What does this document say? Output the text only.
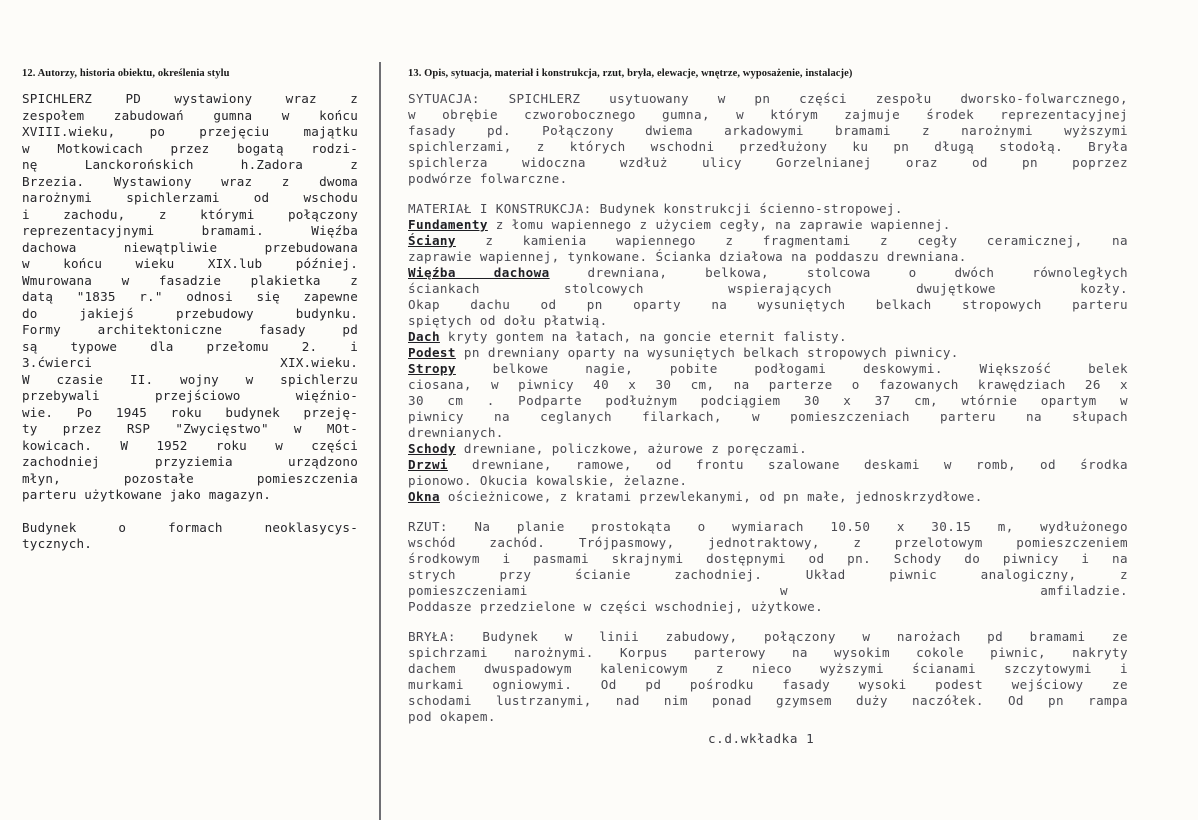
12. Autorzy, historia obiektu, określenia stylu
SPICHLERZ PD wystawiony wraz z
zespołem zabudowań gumna w końcu
XVIII.wieku, po przejęciu majątku
w Motkowicach przez bogatą rodzi-
nę Lanckorońskich h.Zadora z
Brzezia. Wystawiony wraz z dwoma
narożnymi spichlerzami od wschodu
i zachodu, z którymi połączony
reprezentacyjnymi bramami. Więźba
dachowa niewątpliwie przebudowana
w końcu wieku XIX.lub później.
Wmurowana w fasadzie plakietka z
datą "1835 r." odnosi się zapewne
do jakiejś przebudowy budynku.
Formy architektoniczne fasady pd
są typowe dla przełomu 2. i
3.ćwierci XIX.wieku.
W czasie II. wojny w spichlerzu
przebywali przejściowo więźnio-
wie. Po 1945 roku budynek przeję-
ty przez RSP "Zwycięstwo" w MOt-
kowicach. W 1952 roku w części
zachodniej przyziemia urządzono
młyn, pozostałe pomieszczenia
parteru użytkowane jako magazyn.
Budynek o formach neoklasycys-
tycznych.
13. Opis, sytuacja, materiał i konstrukcja, rzut, bryła, elewacje, wnętrze, wyposażenie, instalacje)
SYTUACJA: SPICHLERZ usytuowany w pn części zespołu dworsko-folwarcznego,
w obrębie czworobocznego gumna, w którym zajmuje środek reprezentacyjnej
fasady pd. Połączony dwiema arkadowymi bramami z narożnymi wyższymi
spichlerzami, z których wschodni przedłużony ku pn długą stodołą. Bryła
spichlerza widoczna wzdłuż ulicy Gorzelnianej oraz od pn poprzez
podwórze folwarczne.
MATERIAŁ I KONSTRUKCJA: Budynek konstrukcji ścienno-stropowej.
Fundamenty z łomu wapiennego z użyciem cegły, na zaprawie wapiennej.
Ściany z kamienia wapiennego z fragmentami z cegły ceramicznej, na
zaprawie wapiennej, tynkowane. Ścianka działowa na poddaszu drewniana.
Więźba dachowa drewniana, belkowa, stolcowa o dwóch równoległych
ściankach stolcowych wspierających dwujętkowe kozły.
Okap dachu od pn oparty na wysuniętych belkach stropowych parteru
spiętych od dołu płatwią.
Dach kryty gontem na łatach, na goncie eternit falisty.
Podest pn drewniany oparty na wysuniętych belkach stropowych piwnicy.
Stropy belkowe nagie, pobite podłogami deskowymi. Większość belek
ciosana, w piwnicy 40 x 30 cm, na parterze o fazowanych krawędziach 26 x
30 cm . Podparte podłużnym podciągiem 30 x 37 cm, wtórnie opartym w
piwnicy na ceglanych filarkach, w pomieszczeniach parteru na słupach
drewnianych.
Schody drewniane, policzkowe, ażurowe z poręczami.
Drzwi drewniane, ramowe, od frontu szalowane deskami w romb, od środka
pionowo. Okucia kowalskie, żelazne.
Okna ościeżnicowe, z kratami przewlekanymi, od pn małe, jednoskrzydłowe.
RZUT: Na planie prostokąta o wymiarach 10.50 x 30.15 m, wydłużonego
wschód zachód. Trójpasmowy, jednotraktowy, z przelotowym pomieszczeniem
środkowym i pasmami skrajnymi dostępnymi od pn. Schody do piwnicy i na
strych przy ścianie zachodniej. Układ piwnic analogiczny, z
pomieszczeniami w amfiladzie.
Poddasze przedzielone w części wschodniej, użytkowe.
BRYŁA: Budynek w linii zabudowy, połączony w narożach pd bramami ze
spichrzami narożnymi. Korpus parterowy na wysokim cokole piwnic, nakryty
dachem dwuspadowym kalenicowym z nieco wyższymi ścianami szczytowymi i
murkami ogniowymi. Od pd pośrodku fasady wysoki podest wejściowy ze
schodami lustrzanymi, nad nim ponad gzymsem duży naczółek. Od pn rampa
pod okapem.
c.d.wkładka 1
